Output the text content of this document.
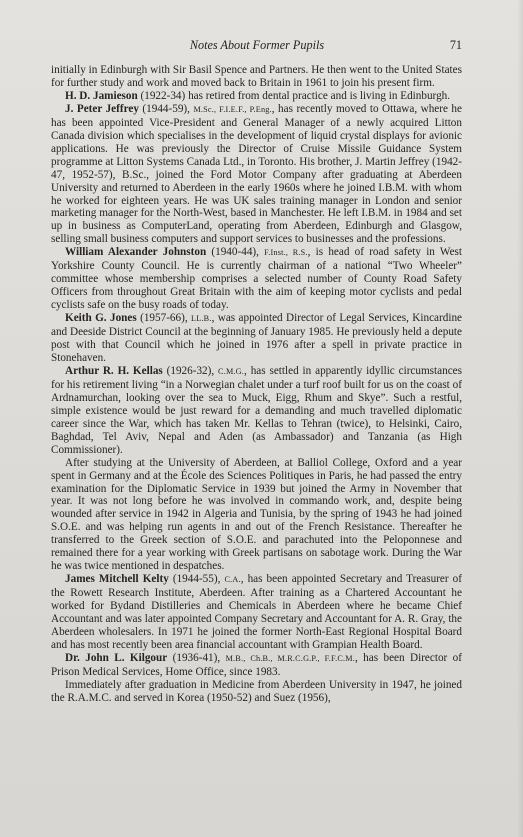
Notes About Former Pupils	71

initially in Edinburgh with Sir Basil Spence and Partners. He then went to the United States for further study and work and moved back to Britain in 1961 to join his present firm.

H. D. Jamieson (1922-34) has retired from dental practice and is living in Edinburgh.

J. Peter Jeffrey (1944-59), M.Sc., F.I.E.F., P.Eng., has recently moved to Ottawa, where he has been appointed Vice-President and General Manager of a newly acquired Litton Canada division which specialises in the development of liquid crystal displays for avionic applications. He was previously the Director of Cruise Missile Guidance System programme at Litton Systems Canada Ltd., in Toronto. His brother, J. Martin Jeffrey (1942-47, 1952-57), B.Sc., joined the Ford Motor Company after graduating at Aberdeen University and returned to Aberdeen in the early 1960s where he joined I.B.M. with whom he worked for eighteen years. He was UK sales training manager in London and senior marketing manager for the North-West, based in Manchester. He left I.B.M. in 1984 and set up in business as ComputerLand, operating from Aberdeen, Edinburgh and Glasgow, selling small business computers and support services to businesses and the professions.

William Alexander Johnston (1940-44), F.Inst., R.S., is head of road safety in West Yorkshire County Council. He is currently chairman of a national “Two Wheeler” committee whose membership comprises a selected number of County Road Safety Officers from throughout Great Britain with the aim of keeping motor cyclists and pedal cyclists safe on the busy roads of today.

Keith G. Jones (1957-66), LL.B., was appointed Director of Legal Services, Kincardine and Deeside District Council at the beginning of January 1985. He previously held a depute post with that Council which he joined in 1976 after a spell in private practice in Stonehaven.

Arthur R. H. Kellas (1926-32), C.M.G., has settled in apparently idyllic circumstances for his retirement living “in a Norwegian chalet under a turf roof built for us on the coast of Ardnamurchan, looking over the sea to Muck, Eigg, Rhum and Skye”. Such a restful, simple existence would be just reward for a demanding and much travelled diplomatic career since the War, which has taken Mr. Kellas to Tehran (twice), to Helsinki, Cairo, Baghdad, Tel Aviv, Nepal and Aden (as Ambassador) and Tanzania (as High Commissioner).

After studying at the University of Aberdeen, at Balliol College, Oxford and a year spent in Germany and at the École des Sciences Politiques in Paris, he had passed the entry examination for the Diplomatic Service in 1939 but joined the Army in November that year. It was not long before he was involved in commando work, and, despite being wounded after service in 1942 in Algeria and Tunisia, by the spring of 1943 he had joined S.O.E. and was helping run agents in and out of the French Resistance. Thereafter he transferred to the Greek section of S.O.E. and parachuted into the Peloponnese and remained there for a year working with Greek partisans on sabotage work. During the War he was twice mentioned in despatches.

James Mitchell Kelty (1944-55), C.A., has been appointed Secretary and Treasurer of the Rowett Research Institute, Aberdeen. After training as a Chartered Accountant he worked for Bydand Distilleries and Chemicals in Aberdeen where he became Chief Accountant and was later appointed Company Secretary and Accountant for A. R. Gray, the Aberdeen wholesalers. In 1971 he joined the former North-East Regional Hospital Board and has most recently been area financial accountant with Grampian Health Board.

Dr. John L. Kilgour (1936-41), M.B., Ch.B., M.R.C.G.P., F.F.C.M., has been Director of Prison Medical Services, Home Office, since 1983.

Immediately after graduation in Medicine from Aberdeen University in 1947, he joined the R.A.M.C. and served in Korea (1950-52) and Suez (1956),
